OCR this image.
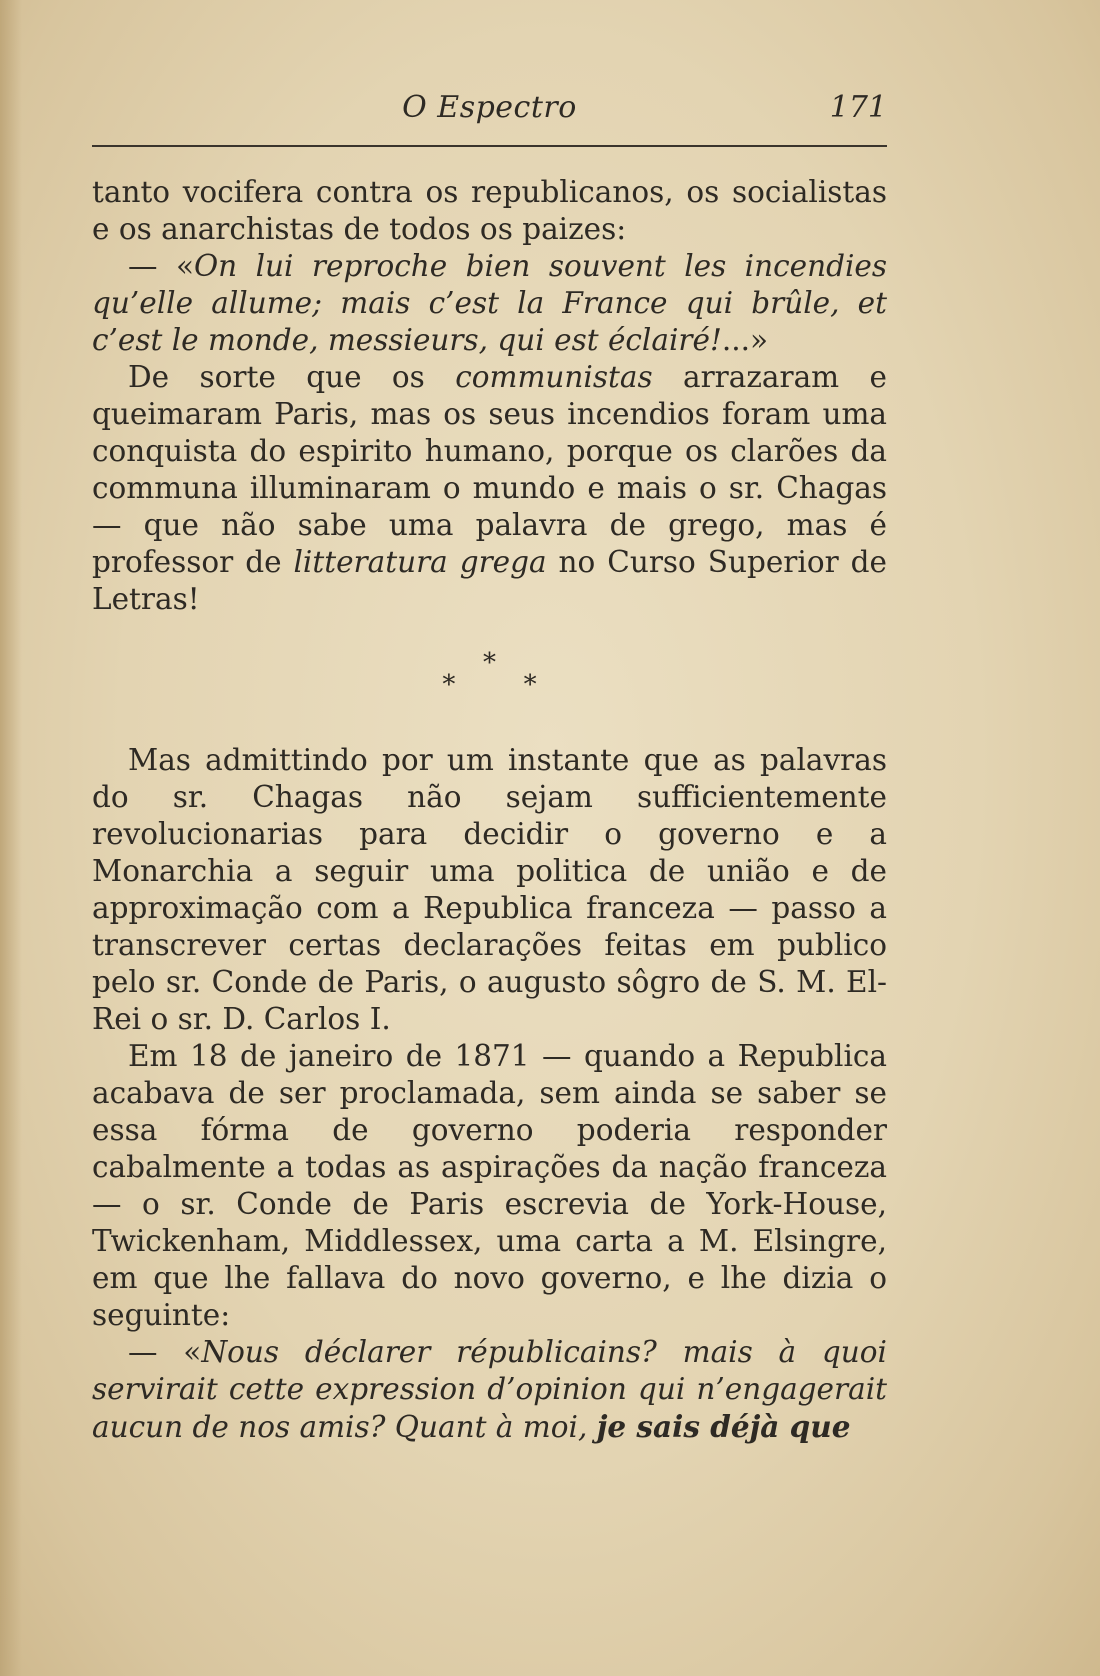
O Espectro	171

tanto vocifera contra os republicanos, os socialistas e os anarchistas de todos os paizes:

— «On lui reproche bien souvent les incendies qu’elle allume; mais c’est la France qui brûle, et c’est le monde, messieurs, qui est éclairé!...»

De sorte que os communistas arrazaram e queimaram Paris, mas os seus incendios foram uma conquista do espirito humano, porque os clarões da communa illuminaram o mundo e mais o sr. Chagas — que não sabe uma palavra de grego, mas é professor de litteratura grega no Curso Superior de Letras!

*
* *

Mas admittindo por um instante que as palavras do sr. Chagas não sejam sufficientemente revolucionarias para decidir o governo e a Monarchia a seguir uma politica de união e de approximação com a Republica franceza — passo a transcrever certas declarações feitas em publico pelo sr. Conde de Paris, o augusto sôgro de S. M. El-Rei o sr. D. Carlos I.

Em 18 de janeiro de 1871 — quando a Republica acabava de ser proclamada, sem ainda se saber se essa fórma de governo poderia responder cabalmente a todas as aspirações da nação franceza — o sr. Conde de Paris escrevia de York-House, Twickenham, Middlessex, uma carta a M. Elsingre, em que lhe fallava do novo governo, e lhe dizia o seguinte:

— «Nous déclarer républicains? mais à quoi servirait cette expression d’opinion qui n’engagerait aucun de nos amis? Quant à moi, je sais déjà que
